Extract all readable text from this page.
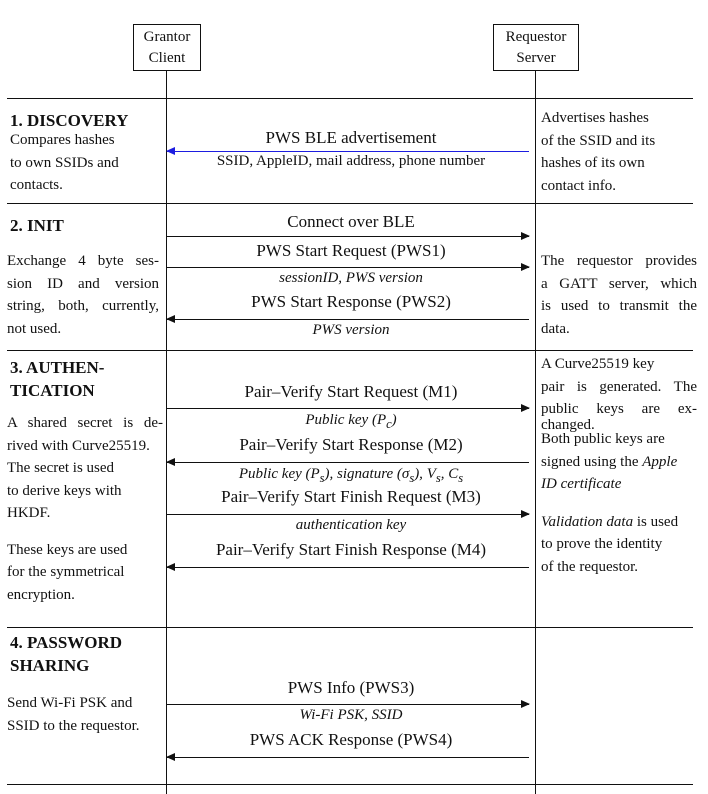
Grantor
Client
Requestor
Server
1. DISCOVERY
Compares hashes
to own SSIDs and
contacts.
Advertises hashes
of the SSID and its
hashes of its own
contact info.
2. INIT
Exchange 4 byte ses-
sion ID and version
string, both, currently,
not used.
The requestor provides
a GATT server, which
is used to transmit the
data.
3. AUTHEN-
TICATION
A shared secret is de-
rived with Curve25519.
The secret is used
to derive keys with
HKDF.
These keys are used
for the symmetrical
encryption.
A Curve25519 key
pair is generated. The
public keys are ex-
changed.
Both public keys are
signed using the Apple
ID certificate
Validation data is used
to prove the identity
of the requestor.
4. PASSWORD
SHARING
Send Wi-Fi PSK and
SSID to the requestor.
PWS BLE advertisement
SSID, AppleID, mail address, phone number
Connect over BLE
PWS Start Request (PWS1)
sessionID, PWS version
PWS Start Response (PWS2)
PWS version
Pair–Verify Start Request (M1)
Public key $(P_c)$
Pair–Verify Start Response (M2)
Public key $(P_s)$, signature $(\sigma_s)$, $V_s$, $C_s$
Pair–Verify Start Finish Request (M3)
authentication key
Pair–Verify Start Finish Response (M4)
PWS Info (PWS3)
Wi-Fi PSK, SSID
PWS ACK Response (PWS4)
